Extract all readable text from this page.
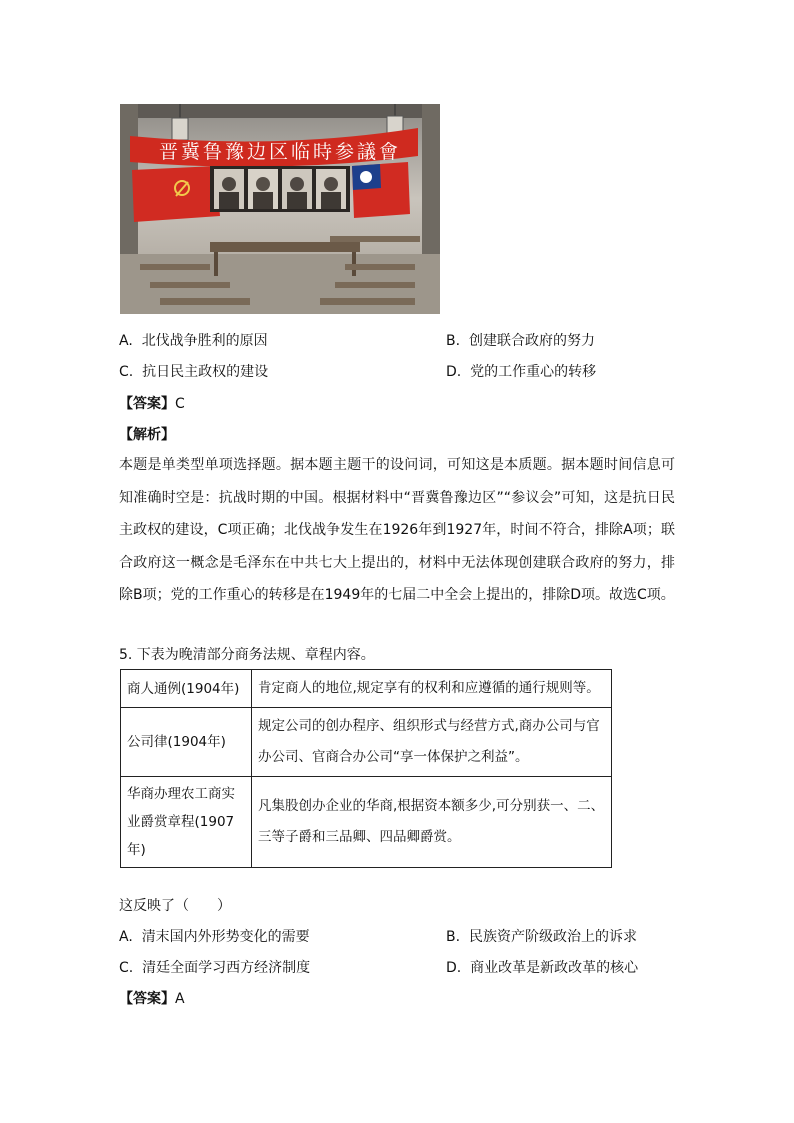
晋冀鲁豫边区临時参議會
A. 北伐战争胜利的原因	B. 创建联合政府的努力
C. 抗日民主政权的建设	D. 党的工作重心的转移
【答案】C
【解析】
本题是单类型单项选择题。据本题主题干的设问词，可知这是本质题。据本题时间信息可知准确时空是：抗战时期的中国。根据材料中“晋冀鲁豫边区”“参议会”可知，这是抗日民主政权的建设，C项正确；北伐战争发生在1926年到1927年，时间不符合，排除A项；联合政府这一概念是毛泽东在中共七大上提出的，材料中无法体现创建联合政府的努力，排除B项；党的工作重心的转移是在1949年的七届二中全会上提出的，排除D项。故选C项。
5. 下表为晚清部分商务法规、章程内容。
商人通例(1904年)	肯定商人的地位,规定享有的权利和应遵循的通行规则等。
公司律(1904年)	规定公司的创办程序、组织形式与经营方式,商办公司与官办公司、官商合办公司“享一体保护之利益”。
华商办理农工商实业爵赏章程(1907年)	凡集股创办企业的华商,根据资本额多少,可分别获一、二、三等子爵和三品卿、四品卿爵赏。
这反映了（　　）
A. 清末国内外形势变化的需要	B. 民族资产阶级政治上的诉求
C. 清廷全面学习西方经济制度	D. 商业改革是新政改革的核心
【答案】A
